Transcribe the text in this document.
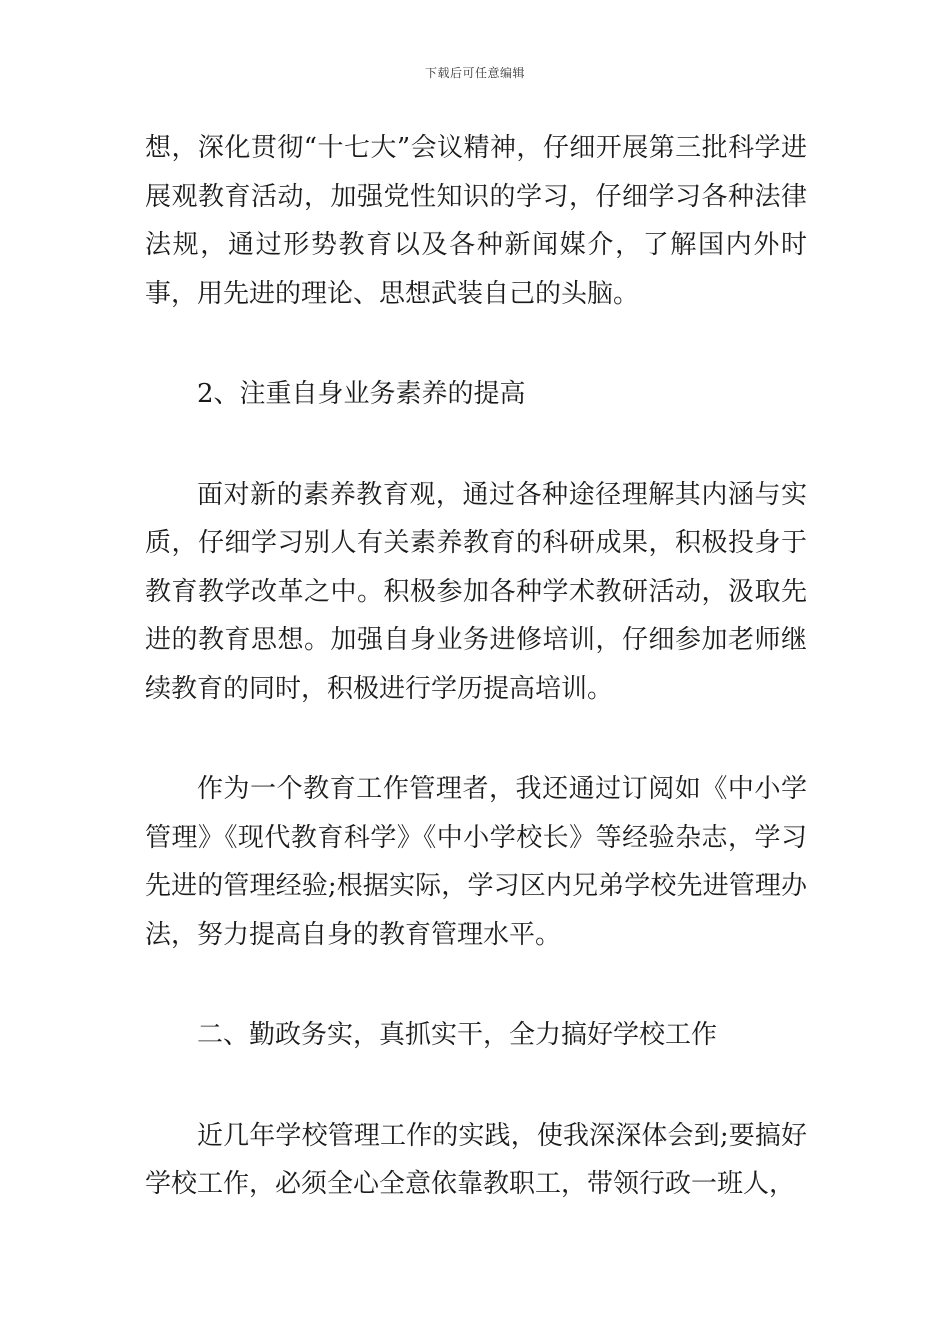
下载后可任意编辑

想，深化贯彻“十七大”会议精神，仔细开展第三批科学进展观教育活动，加强党性知识的学习，仔细学习各种法律法规，通过形势教育以及各种新闻媒介，了解国内外时事，用先进的理论、思想武装自己的头脑。

2、注重自身业务素养的提高

面对新的素养教育观，通过各种途径理解其内涵与实质，仔细学习别人有关素养教育的科研成果，积极投身于教育教学改革之中。积极参加各种学术教研活动，汲取先进的教育思想。加强自身业务进修培训，仔细参加老师继续教育的同时，积极进行学历提高培训。

作为一个教育工作管理者，我还通过订阅如《中小学管理》《现代教育科学》《中小学校长》等经验杂志，学习先进的管理经验;根据实际，学习区内兄弟学校先进管理办法，努力提高自身的教育管理水平。

二、勤政务实，真抓实干，全力搞好学校工作

近几年学校管理工作的实践，使我深深体会到;要搞好学校工作，必须全心全意依靠教职工，带领行政一班人，
